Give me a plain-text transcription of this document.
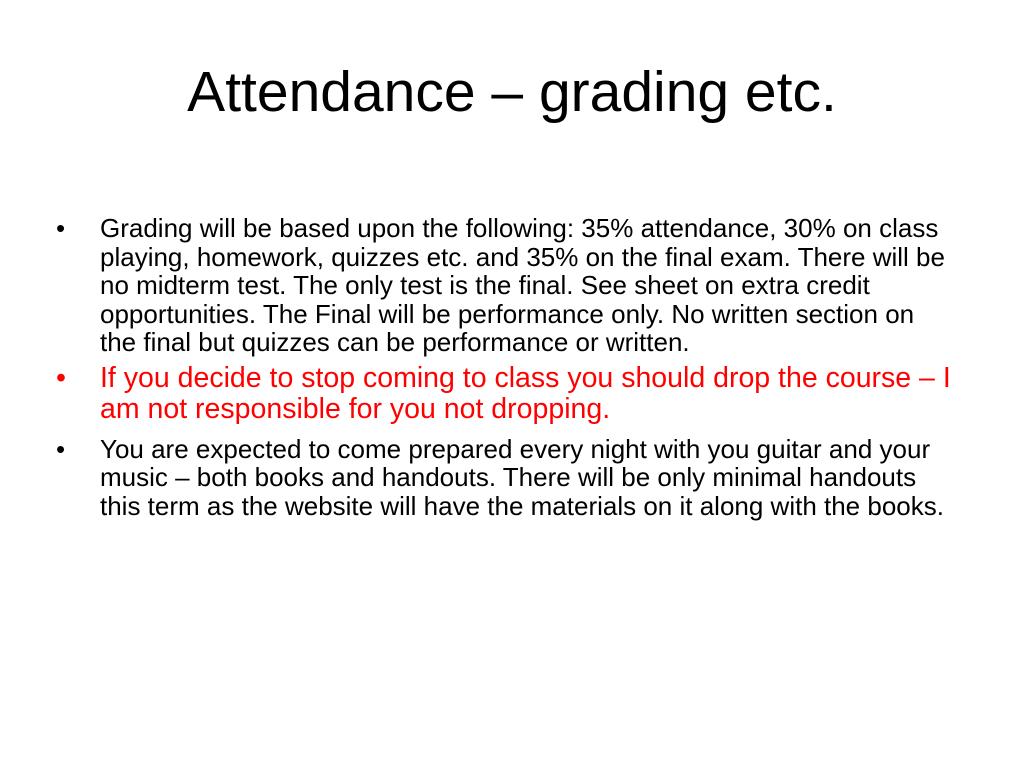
Attendance – grading etc.
• Grading will be based upon the following: 35% attendance, 30% on class playing, homework, quizzes etc. and 35% on the final exam. There will be no midterm test. The only test is the final. See sheet on extra credit opportunities. The Final will be performance only. No written section on the final but quizzes can be performance or written.
• If you decide to stop coming to class you should drop the course – I am not responsible for you not dropping.
• You are expected to come prepared every night with you guitar and your music – both books and handouts. There will be only minimal handouts this term as the website will have the materials on it along with the books.
